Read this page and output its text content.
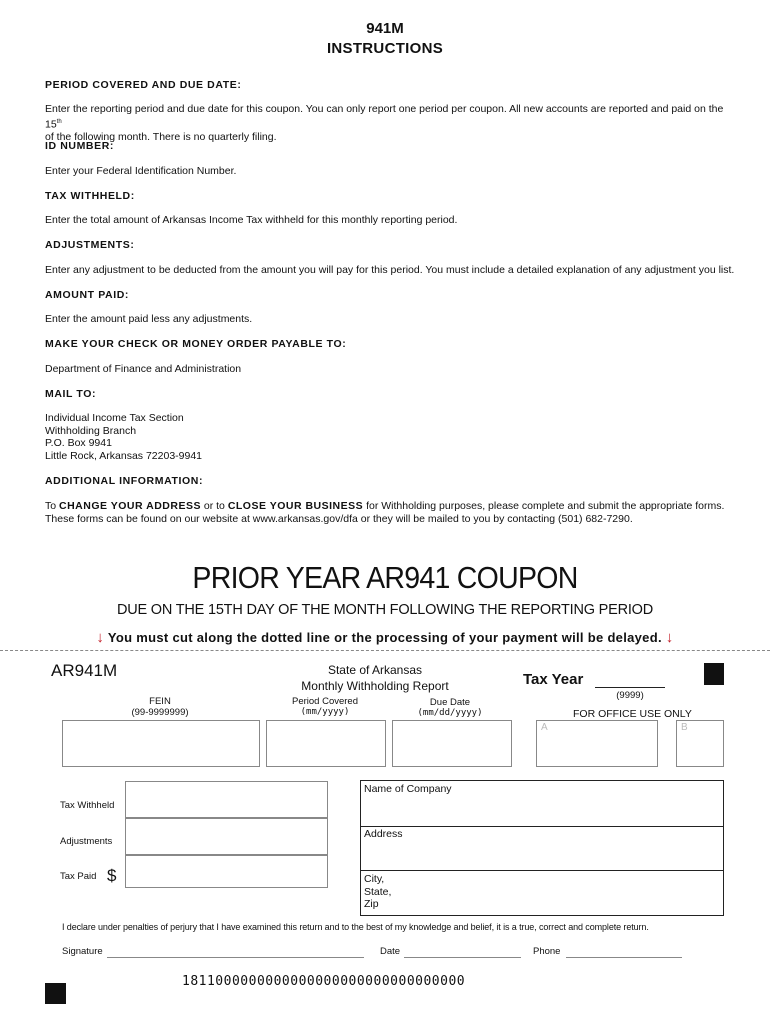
941M
INSTRUCTIONS
PERIOD COVERED AND DUE DATE:
Enter the reporting period and due date for this coupon. You can only report one period per coupon. All new accounts are reported and paid on the 15th
of the following month. There is no quarterly filing.
ID NUMBER:
Enter your Federal Identification Number.
TAX WITHHELD:
Enter the total amount of Arkansas Income Tax withheld for this monthly reporting period.
ADJUSTMENTS:
Enter any adjustment to be deducted from the amount you will pay for this period. You must include a detailed explanation of any adjustment you list.
AMOUNT PAID:
Enter the amount paid less any adjustments.
MAKE YOUR CHECK OR MONEY ORDER PAYABLE TO:
Department of Finance and Administration
MAIL TO:
Individual Income Tax Section
Withholding Branch
P.O. Box 9941
Little Rock, Arkansas 72203-9941
ADDITIONAL INFORMATION:
To CHANGE YOUR ADDRESS or to CLOSE YOUR BUSINESS for Withholding purposes, please complete and submit the appropriate forms.
These forms can be found on our website at www.arkansas.gov/dfa or they will be mailed to you by contacting (501) 682-7290.
PRIOR YEAR AR941 COUPON
DUE ON THE 15TH DAY OF THE MONTH FOLLOWING THE REPORTING PERIOD
↓ You must cut along the dotted line or the processing of your payment will be delayed. ↓
AR941M	State of Arkansas
Monthly Withholding Report	Tax Year
(9999)
FOR OFFICE USE ONLY
FEIN
(99-9999999)
Period Covered
(mm/yyyy)
Due Date
(mm/dd/yyyy)
A	B
Tax Withheld
Adjustments
Tax Paid $
Name of Company
Address
City,
State,
Zip
I declare under penalties of perjury that I have examined this return and to the best of my knowledge and belief, it is a true, correct and complete return.
Signature	Date	Phone
1811000000000000000000000000000000
